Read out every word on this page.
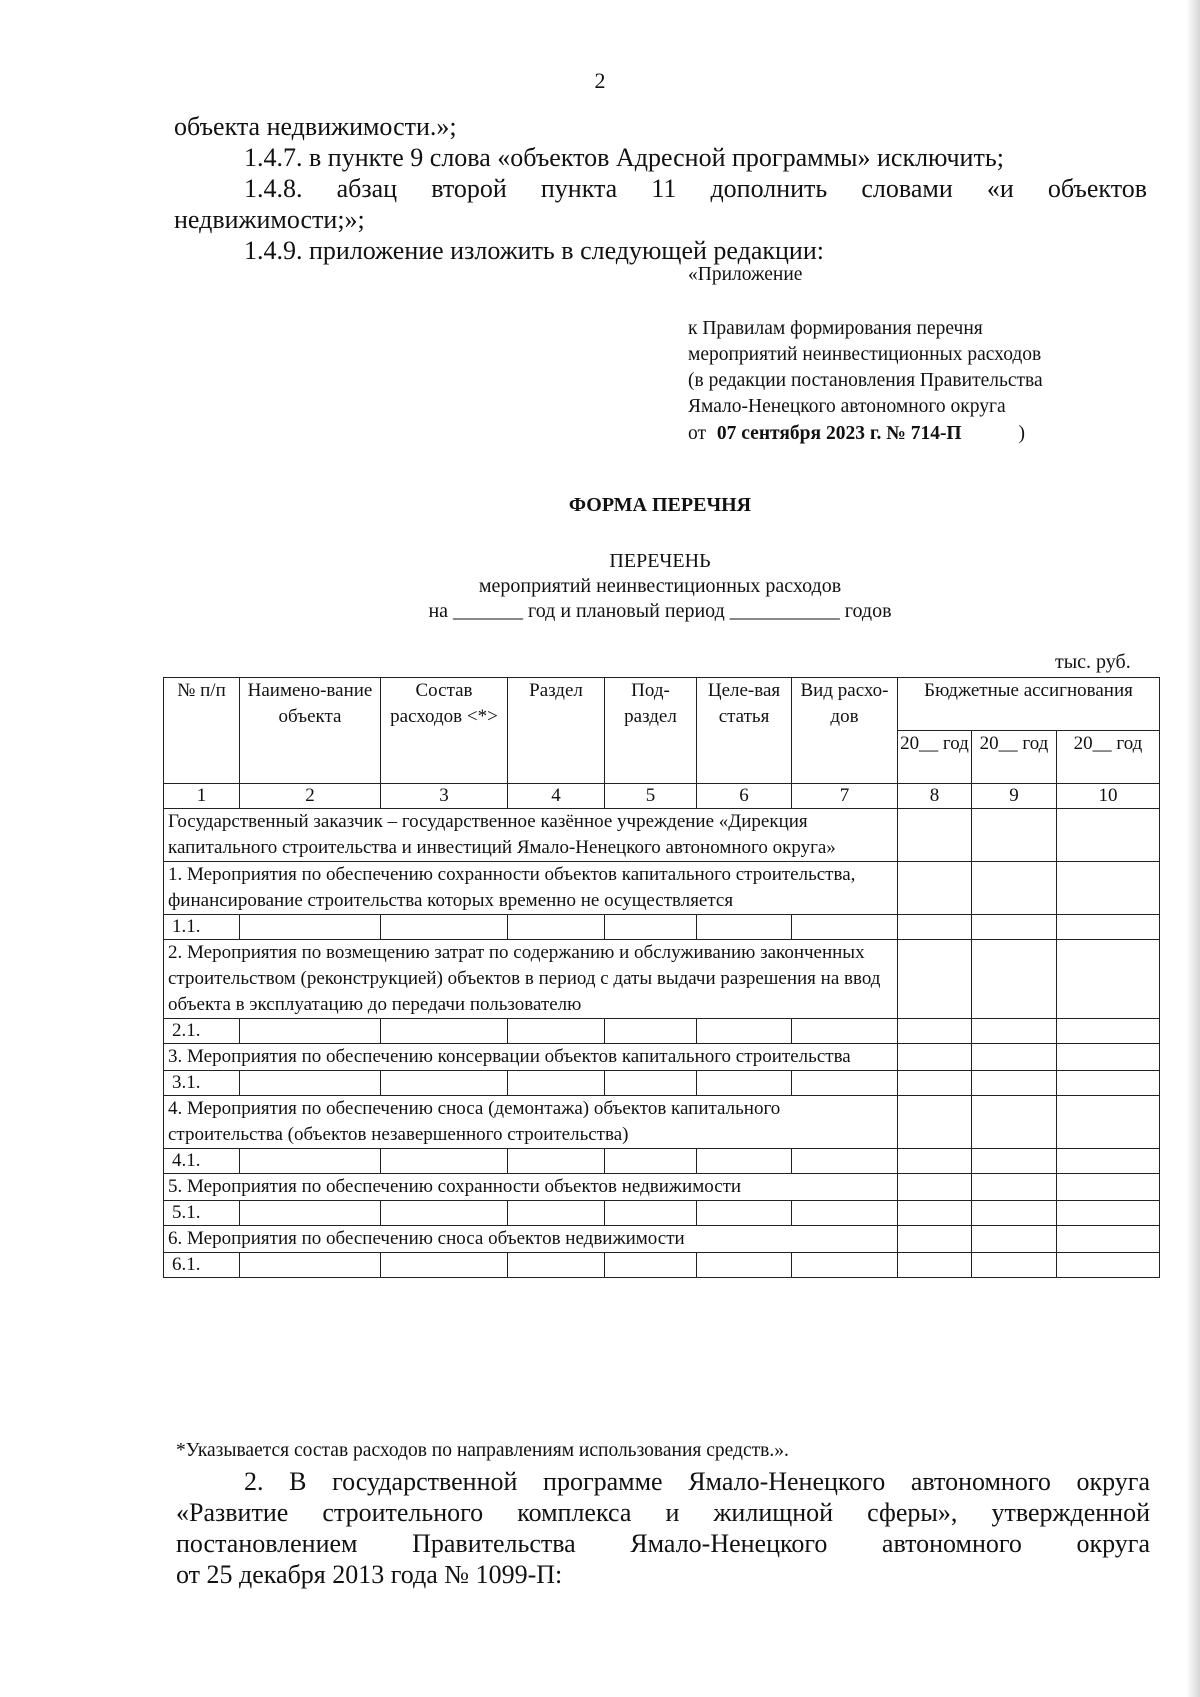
2
объекта недвижимости.»;
1.4.7. в пункте 9 слова «объектов Адресной программы» исключить;
1.4.8. абзац второй пункта 11 дополнить словами «и объектов
недвижимости;»;
1.4.9. приложение изложить в следующей редакции:
«Приложение
к Правилам формирования перечня
мероприятий неинвестиционных расходов
(в редакции постановления Правительства
Ямало-Ненецкого автономного округа
от 07 сентября 2023 г. № 714-П	)
ФОРМА ПЕРЕЧНЯ
ПЕРЕЧЕНЬ
мероприятий неинвестиционных расходов
на _______ год и плановый период ___________ годов
тыс. руб.
№ п/п	Наимено-вание объекта	Состав расходов <*>	Раздел	Под-раздел	Целе-вая статья	Вид расхо-дов	Бюджетные ассигнования		
							20__ год	20__ год	20__ год
1	2	3	4	5	6	7	8	9	10
Государственный заказчик – государственное казённое учреждение «Дирекция капитального строительства и инвестиций Ямало-Ненецкого автономного округа»									
1. Мероприятия по обеспечению сохранности объектов капитального строительства, финансирование строительства которых временно не осуществляется									
1.1.									
2. Мероприятия по возмещению затрат по содержанию и обслуживанию законченных строительством (реконструкцией) объектов в период с даты выдачи разрешения на ввод объекта в эксплуатацию до передачи пользователю									
2.1.									
3. Мероприятия по обеспечению консервации объектов капитального строительства									
3.1.									
4. Мероприятия по обеспечению сноса (демонтажа) объектов капитального строительства (объектов незавершенного строительства)									
4.1.									
5. Мероприятия по обеспечению сохранности объектов недвижимости									
5.1.									
6. Мероприятия по обеспечению сноса объектов недвижимости									
6.1.									
*Указывается состав расходов по направлениям использования средств.».
2. В государственной программе Ямало-Ненецкого автономного округа
«Развитие строительного комплекса и жилищной сферы», утвержденной
постановлением Правительства Ямало-Ненецкого автономного округа
от 25 декабря 2013 года № 1099-П:
